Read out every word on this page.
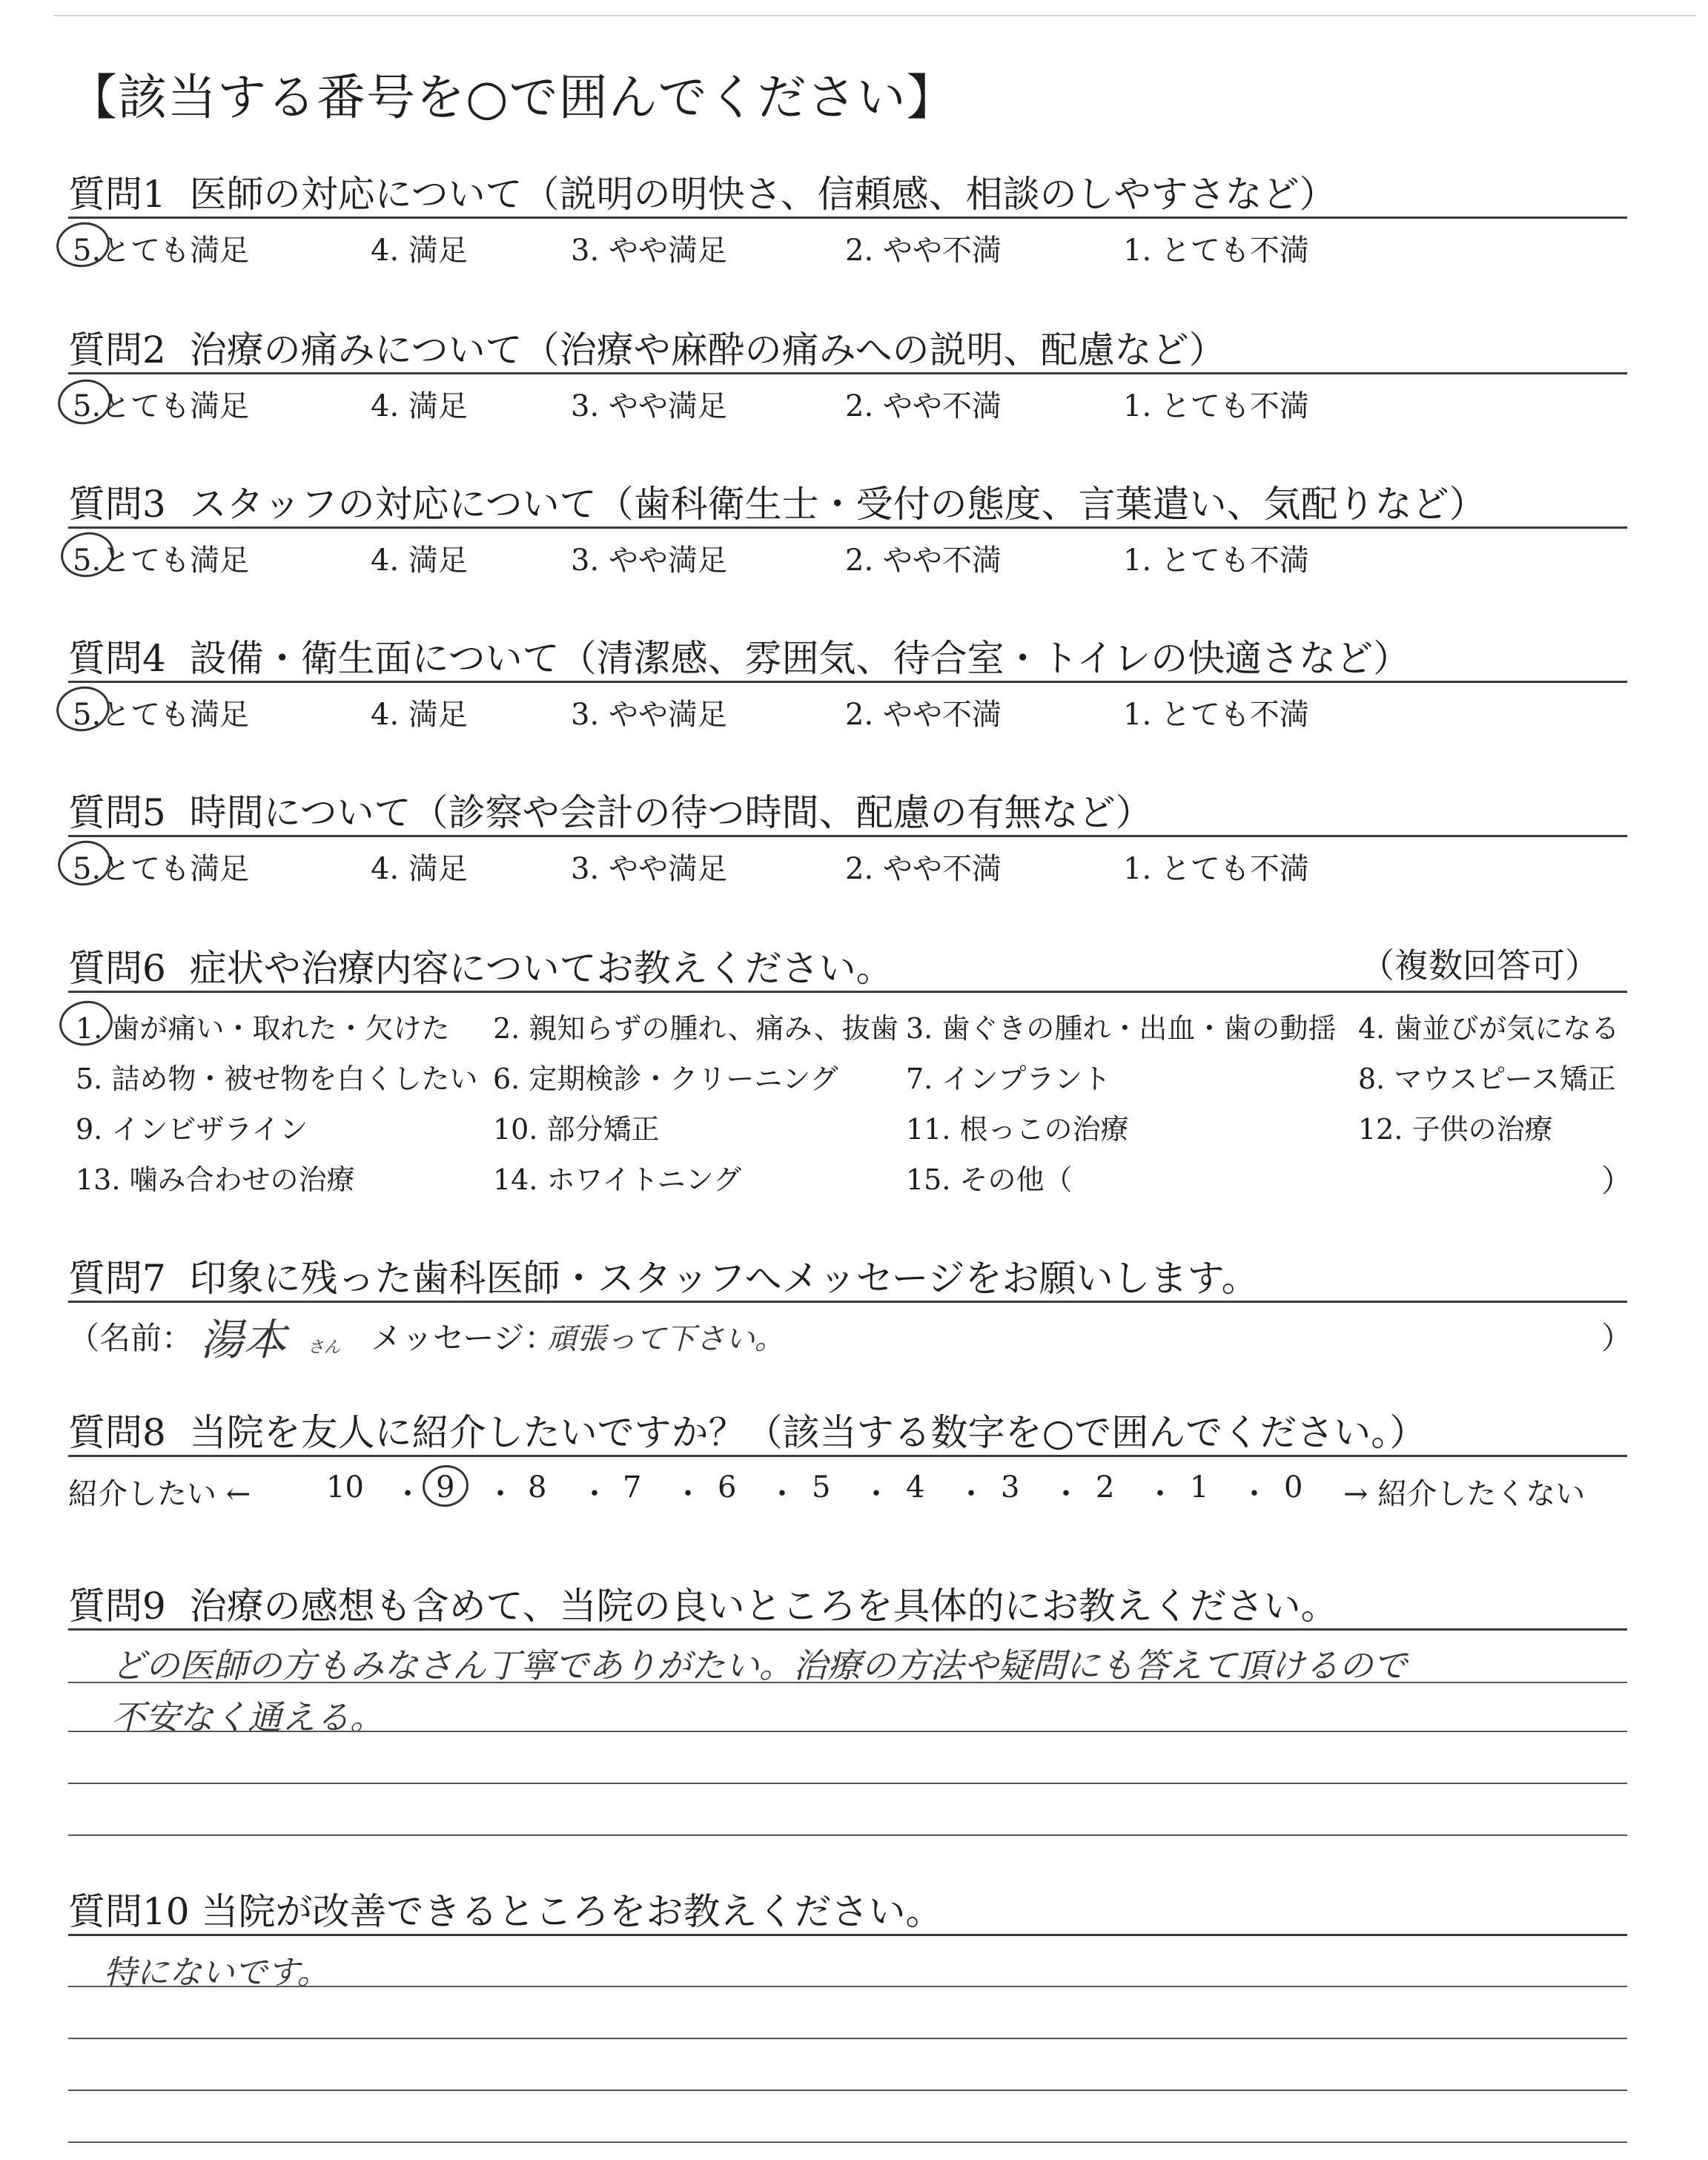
【該当する番号を○で囲んでください】
質問1 医師の対応について（説明の明快さ、信頼感、相談のしやすさなど）
5.とても満足	4. 満足	3. やや満足	2. やや不満	1. とても不満
質問2 治療の痛みについて（治療や麻酔の痛みへの説明、配慮など）
5.とても満足	4. 満足	3. やや満足	2. やや不満	1. とても不満
質問3 スタッフの対応について（歯科衛生士・受付の態度、言葉遣い、気配りなど）
5.とても満足	4. 満足	3. やや満足	2. やや不満	1. とても不満
質問4 設備・衛生面について（清潔感、雰囲気、待合室・トイレの快適さなど）
5.とても満足	4. 満足	3. やや満足	2. やや不満	1. とても不満
質問5 時間について（診察や会計の待つ時間、配慮の有無など）
5.とても満足	4. 満足	3. やや満足	2. やや不満	1. とても不満
質問6 症状や治療内容についてお教えください。	（複数回答可）
1. 歯が痛い・取れた・欠けた 2. 親知らずの腫れ、痛み、抜歯 3. 歯ぐきの腫れ・出血・歯の動揺 4. 歯並びが気になる
5. 詰め物・被せ物を白くしたい 6. 定期検診・クリーニング 7. インプラント	8. マウスピース矯正
9. インビザライン	10. 部分矯正	11. 根っこの治療	12. 子供の治療
13. 噛み合わせの治療	14. ホワイトニング	15. その他（	）
質問7 印象に残った歯科医師・スタッフへメッセージをお願いします。
（名前： 湯本 さん メッセージ：
頑張って下さい。	）
質問8 当院を友人に紹介したいですか？（該当する数字を○で囲んでください。）
紹介したい ←	10 ・ 9 ・ 8 ・ 7 ・ 6 ・ 5 ・ 4 ・ 3 ・ 2 ・ 1 ・ 0 → 紹介したくない
質問9 治療の感想も含めて、当院の良いところを具体的にお教えください。
どの医師の方もみなさん丁寧でありがたい。治療の方法や疑問にも答えて頂けるので
不安なく通える。
質問10 当院が改善できるところをお教えください。
特にないです。
